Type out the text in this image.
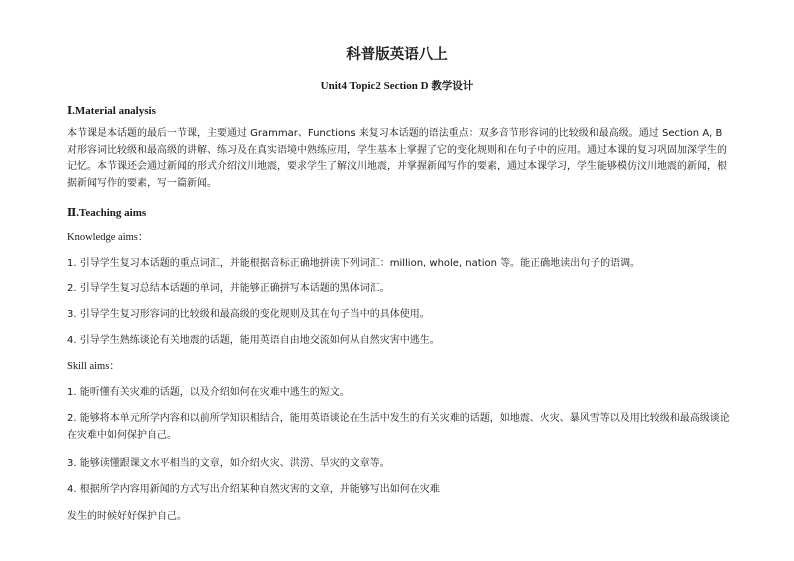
科普版英语八上
Unit4 Topic2 Section D 教学设计
Ⅰ.Material analysis
本节课是本话题的最后一节课，主要通过 Grammar、Functions 来复习本话题的语法重点：双多音节形容词的比较级和最高级。通过 Section A, B 对形容词比较级和最高级的讲解、练习及在真实语境中熟练应用，学生基本上掌握了它的变化规则和在句子中的应用。通过本课的复习巩固加深学生的记忆。本节课还会通过新闻的形式介绍汶川地震，要求学生了解汶川地震，并掌握新闻写作的要素，通过本课学习，学生能够模仿汶川地震的新闻，根据新闻写作的要素，写一篇新闻。
Ⅱ.Teaching aims
Knowledge aims：
1. 引导学生复习本话题的重点词汇，并能根据音标正确地拼读下列词汇：million, whole, nation 等。能正确地读出句子的语调。
2. 引导学生复习总结本话题的单词，并能够正确拼写本话题的黑体词汇。
3. 引导学生复习形容词的比较级和最高级的变化规则及其在句子当中的具体使用。
4. 引导学生熟练谈论有关地震的话题，能用英语自由地交流如何从自然灾害中逃生。
Skill aims：
1. 能听懂有关灾难的话题，以及介绍如何在灾难中逃生的短文。
2. 能够将本单元所学内容和以前所学知识相结合，能用英语谈论在生活中发生的有关灾难的话题，如地震、火灾、暴风雪等以及用比较级和最高级谈论在灾难中如何保护自己。
3. 能够读懂跟课文水平相当的文章，如介绍火灾、洪涝、旱灾的文章等。
4. 根据所学内容用新闻的方式写出介绍某种自然灾害的文章，并能够写出如何在灾难
发生的时候好好保护自己。
